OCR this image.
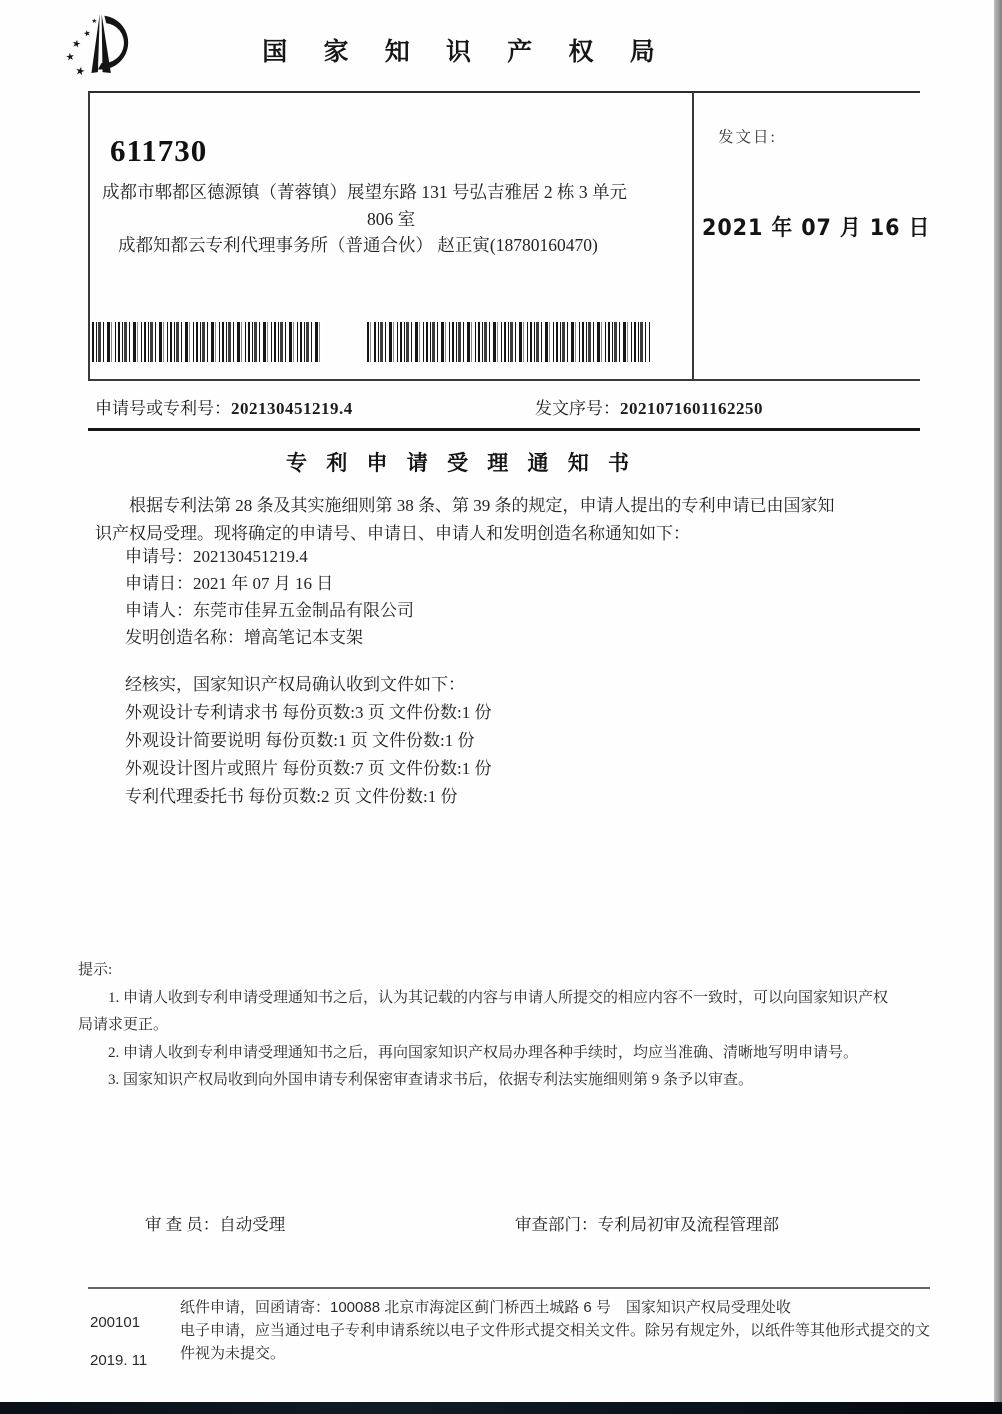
★
★
★
★
★
国 家 知 识 产 权 局
611730
成都市郫都区德源镇（菁蓉镇）展望东路 131 号弘吉雅居 2 栋 3 单元
806 室
成都知都云专利代理事务所（普通合伙） 赵正寅(18780160470)
发文日:
2021 年 07 月 16 日
申请号或专利号：202130451219.4	发文序号：2021071601162250
专 利 申 请 受 理 通 知 书
根据专利法第 28 条及其实施细则第 38 条、第 39 条的规定，申请人提出的专利申请已由国家知识产权局受理。现将确定的申请号、申请日、申请人和发明创造名称通知如下：

申请号：202130451219.4

申请日：2021 年 07 月 16 日

申请人：东莞市佳昇五金制品有限公司

发明创造名称：增高笔记本支架

经核实，国家知识产权局确认收到文件如下：

外观设计专利请求书 每份页数:3 页 文件份数:1 份

外观设计简要说明 每份页数:1 页 文件份数:1 份

外观设计图片或照片 每份页数:7 页 文件份数:1 份

专利代理委托书 每份页数:2 页 文件份数:1 份

提示:

1. 申请人收到专利申请受理通知书之后，认为其记载的内容与申请人所提交的相应内容不一致时，可以向国家知识产权局请求更正。

2. 申请人收到专利申请受理通知书之后，再向国家知识产权局办理各种手续时，均应当准确、清晰地写明申请号。

3. 国家知识产权局收到向外国申请专利保密审查请求书后，依据专利法实施细则第 9 条予以审查。

审 查 员：自动受理	审查部门：专利局初审及流程管理部

200101

2019. 11

纸件申请，回函请寄：100088 北京市海淀区蓟门桥西土城路 6 号　国家知识产权局受理处收

电子申请，应当通过电子专利申请系统以电子文件形式提交相关文件。除另有规定外，以纸件等其他形式提交的文件视为未提交。
